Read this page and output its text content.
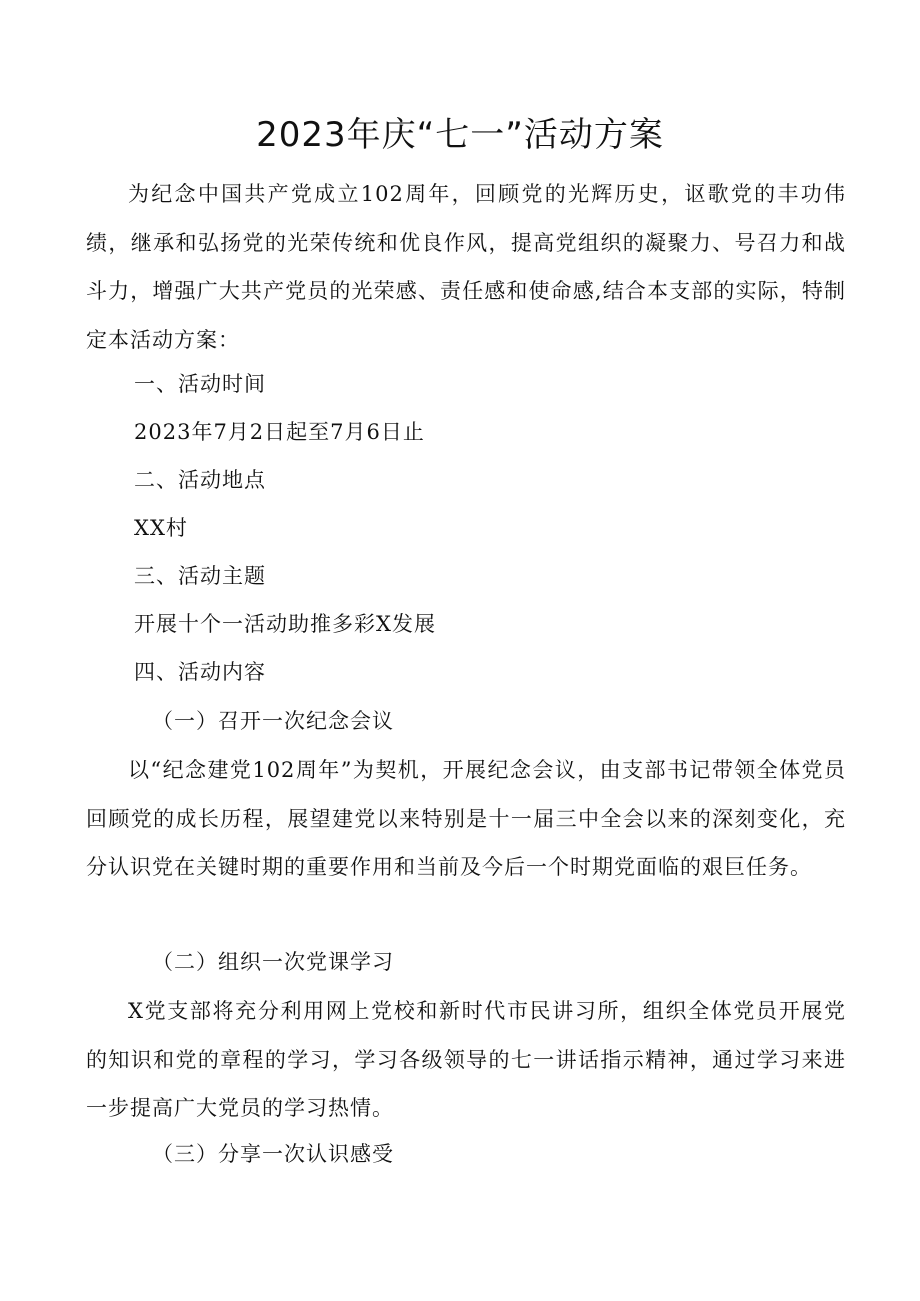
2023年庆“七一”活动方案

为纪念中国共产党成立102周年，回顾党的光辉历史，讴歌党的丰功伟绩，继承和弘扬党的光荣传统和优良作风，提高党组织的凝聚力、号召力和战斗力，增强广大共产党员的光荣感、责任感和使命感,结合本支部的实际，特制定本活动方案：

一、活动时间

2023年7月2日起至7月6日止

二、活动地点

XX村

三、活动主题

开展十个一活动助推多彩X发展

四、活动内容

（一）召开一次纪念会议

以“纪念建党102周年”为契机，开展纪念会议，由支部书记带领全体党员回顾党的成长历程，展望建党以来特别是十一届三中全会以来的深刻变化，充分认识党在关键时期的重要作用和当前及今后一个时期党面临的艰巨任务。

（二）组织一次党课学习

X党支部将充分利用网上党校和新时代市民讲习所，组织全体党员开展党的知识和党的章程的学习，学习各级领导的七一讲话指示精神，通过学习来进一步提高广大党员的学习热情。

（三）分享一次认识感受
